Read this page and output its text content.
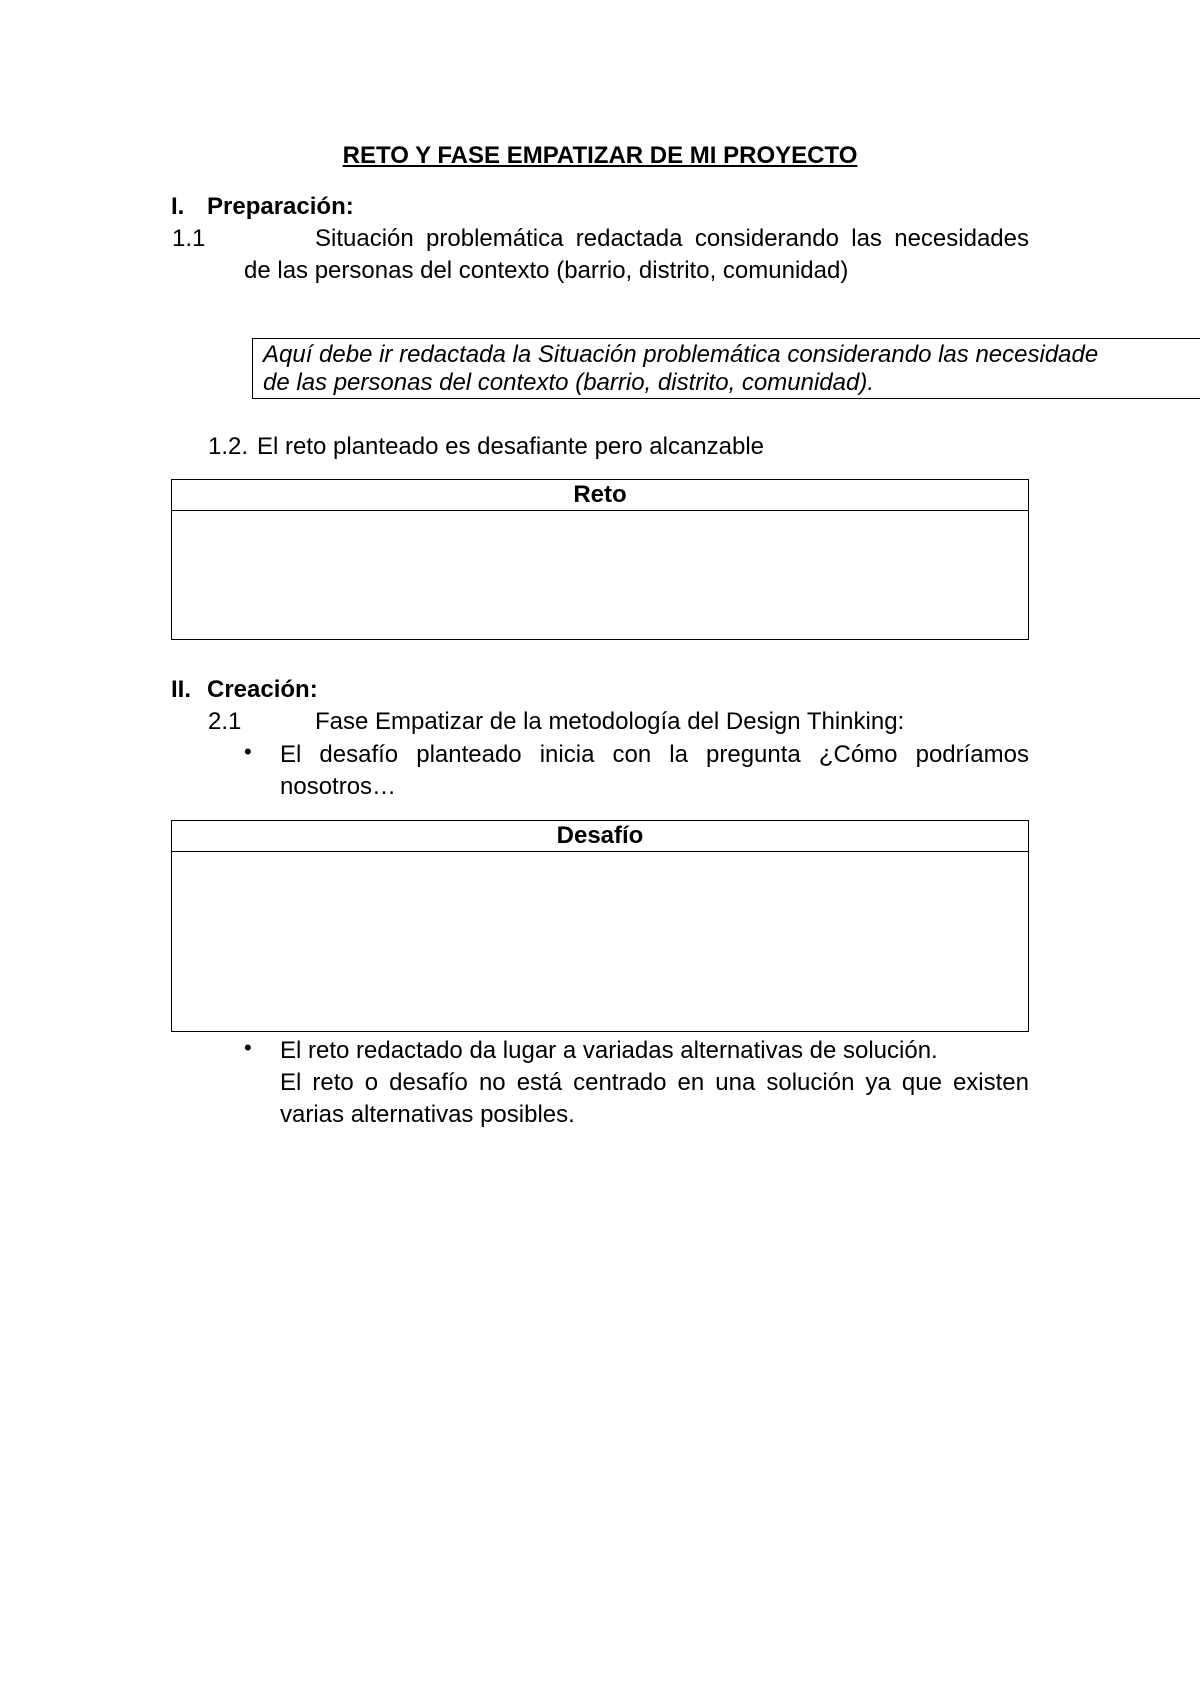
RETO Y FASE EMPATIZAR DE MI PROYECTO
I. Preparación:
1.1	Situación problemática redactada considerando las necesidades de las personas del contexto (barrio, distrito, comunidad)
Aquí debe ir redactada la Situación problemática considerando las necesidade
de las personas del contexto (barrio, distrito, comunidad).
1.2. El reto planteado es desafiante pero alcanzable
Reto
II. Creación:
2.1	Fase Empatizar de la metodología del Design Thinking:
• El desafío planteado inicia con la pregunta ¿Cómo podríamos nosotros…
Desafío
• El reto redactado da lugar a variadas alternativas de solución.
El reto o desafío no está centrado en una solución ya que existen varias alternativas posibles.
